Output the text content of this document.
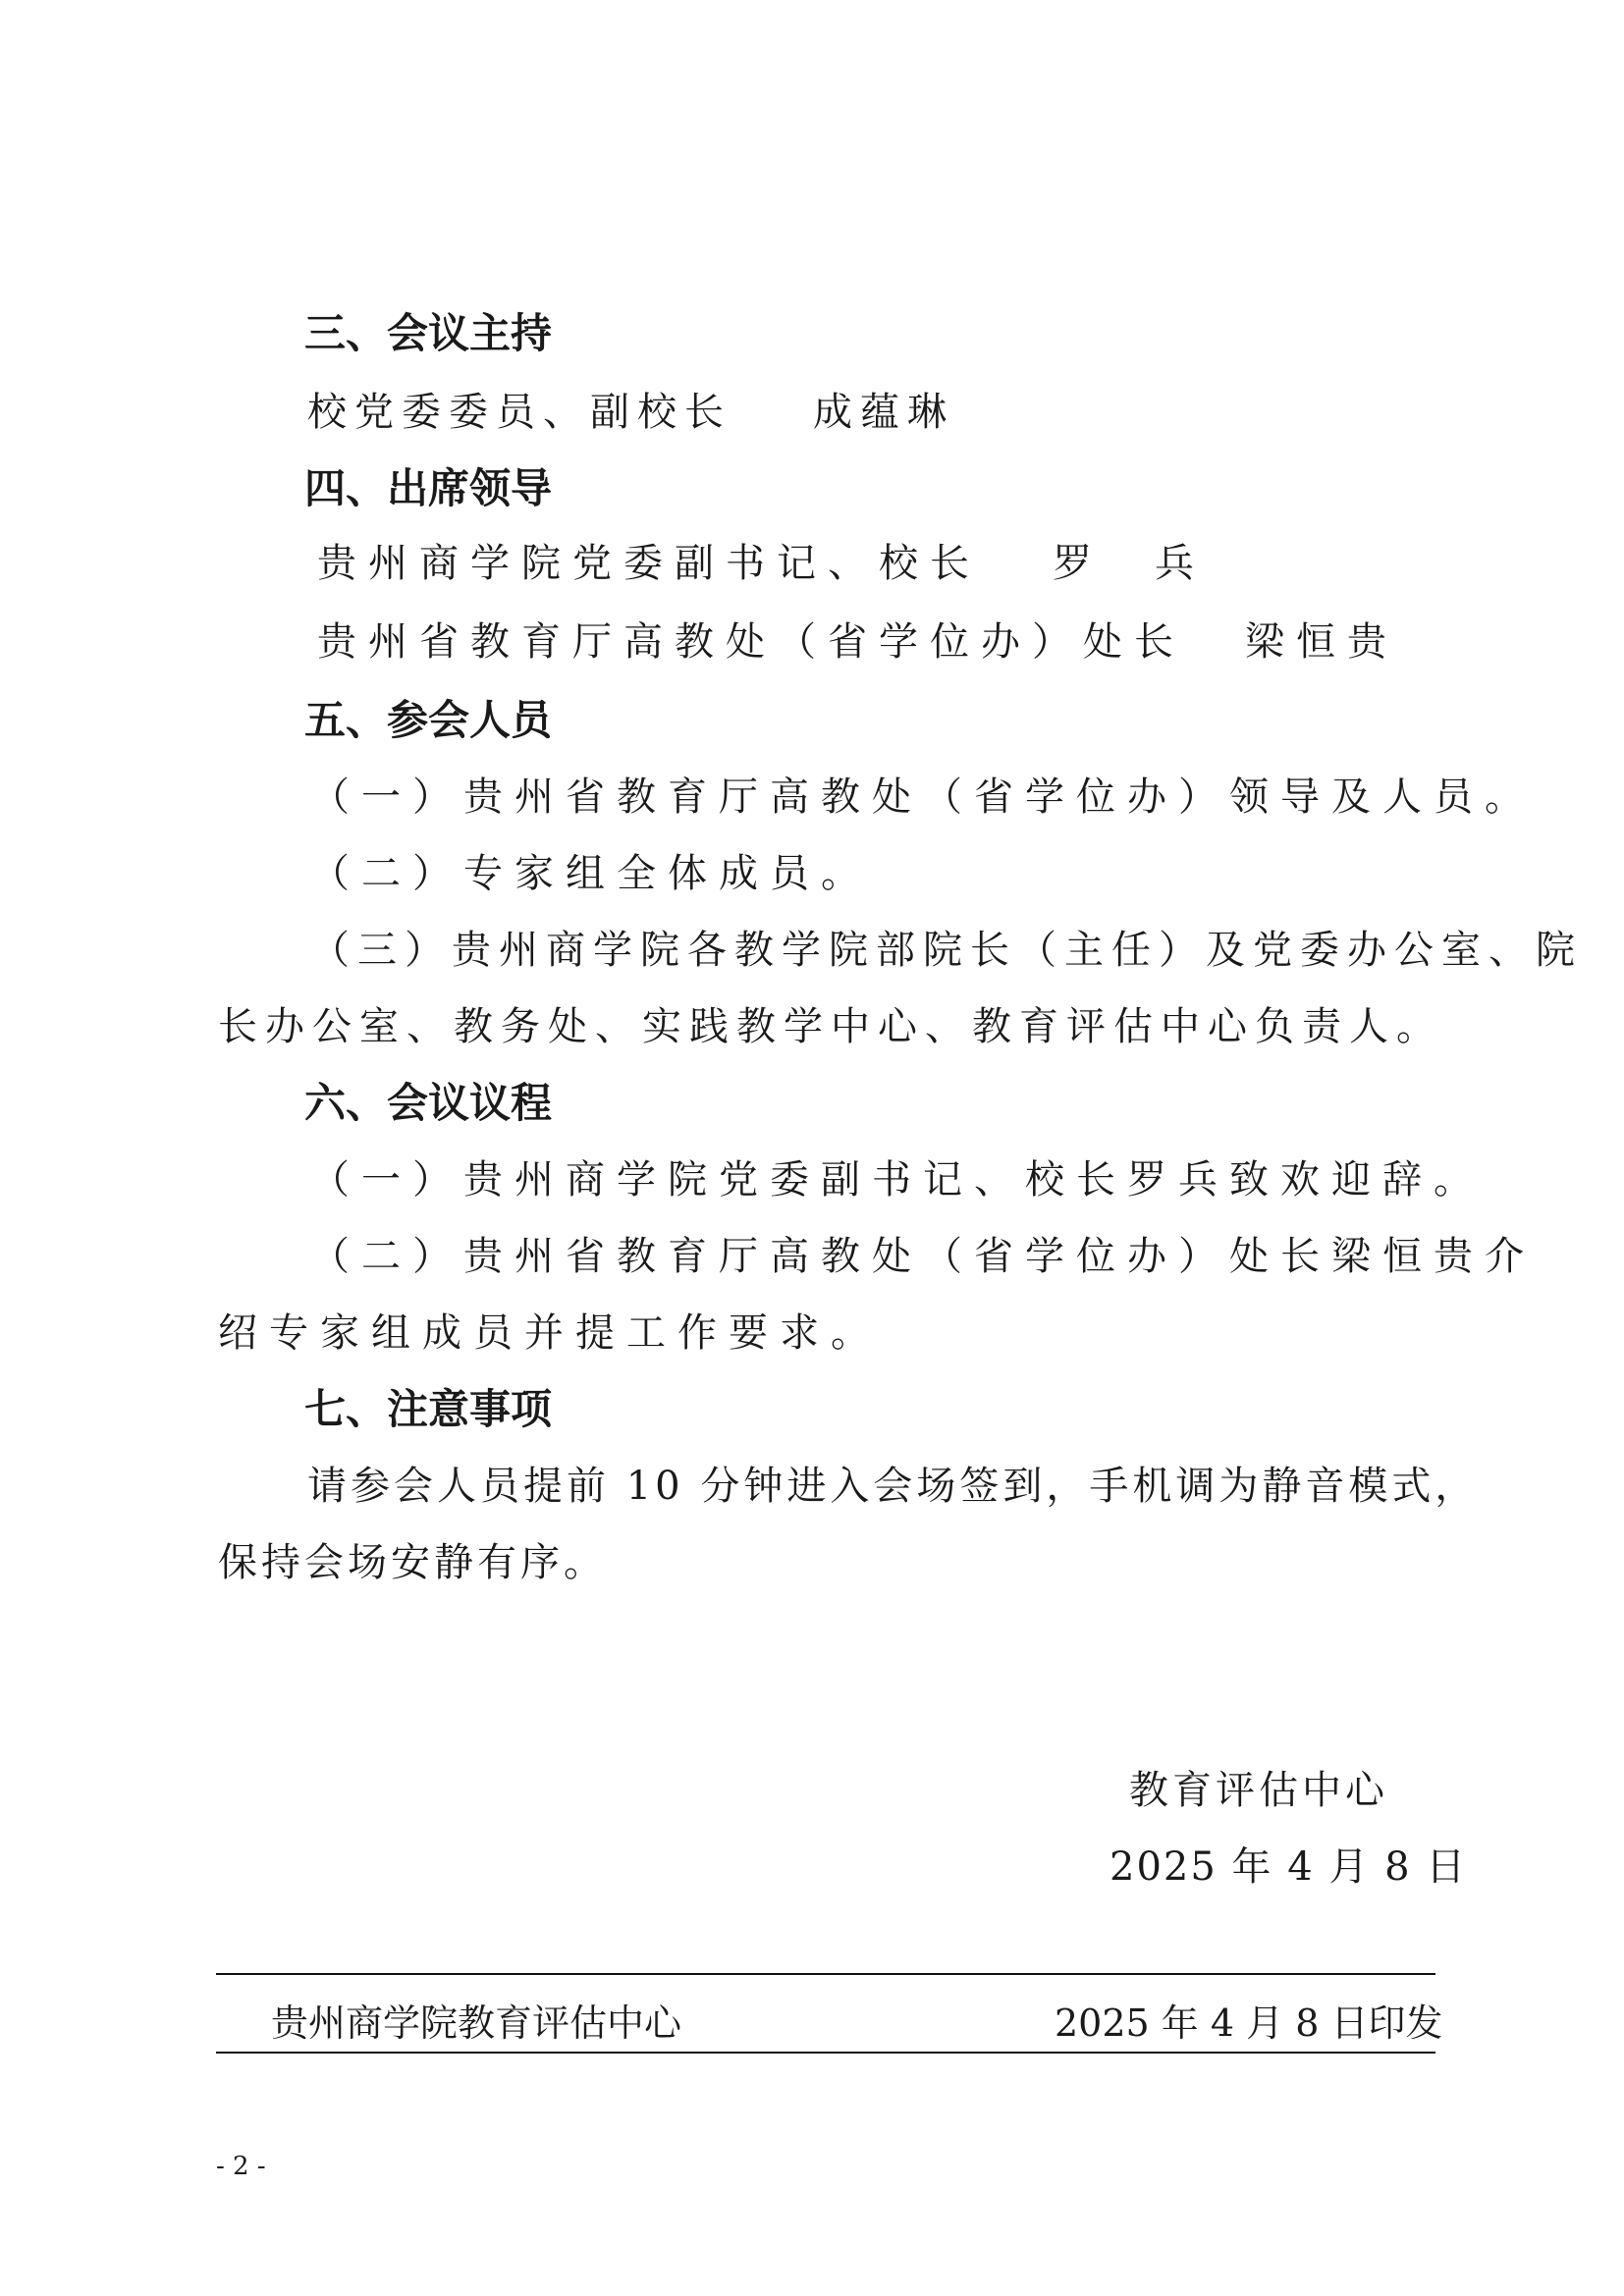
三、会议主持
校党委委员、副校长 成蕴琳
四、出席领导
贵州商学院党委副书记、校长 罗　兵
贵州省教育厅高教处（省学位办）处长 梁恒贵
五、参会人员
（一）贵州省教育厅高教处（省学位办）领导及人员。
（二）专家组全体成员。
（三）贵州商学院各教学院部院长（主任）及党委办公室、院
长办公室、教务处、实践教学中心、教育评估中心负责人。
六、会议议程
（一）贵州商学院党委副书记、校长罗兵致欢迎辞。
（二）贵州省教育厅高教处（省学位办）处长梁恒贵介
绍专家组成员并提工作要求。
七、注意事项
请参会人员提前 10 分钟进入会场签到，手机调为静音模式，
保持会场安静有序。
教育评估中心
2025 年 4 月 8 日
贵州商学院教育评估中心	2025 年 4 月 8 日印发
- 2 -
